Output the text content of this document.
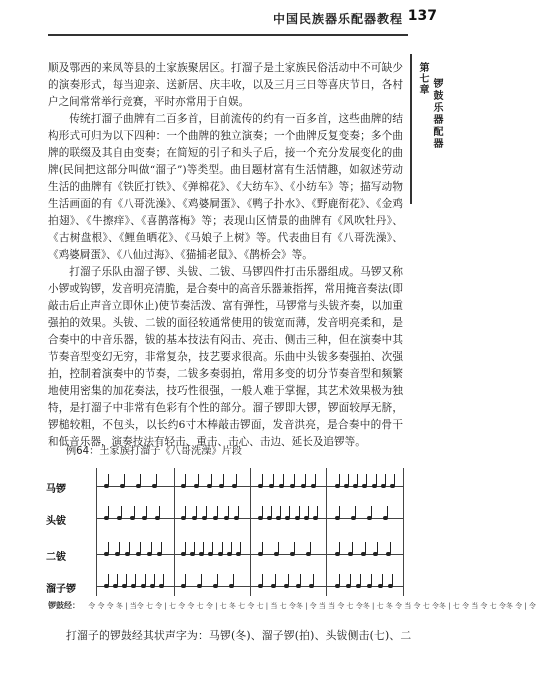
中国民族器乐配器教程 137
第七章 锣鼓乐器配器

顺及鄂西的来凤等县的土家族聚居区。打溜子是土家族民俗活动中不可缺少的演奏形式，每当迎亲、送新居、庆丰收，以及三月三日等喜庆节日，各村户之间常常举行竞赛，平时亦常用于自娱。

传统打溜子曲牌有二百多首，目前流传的约有一百多首，这些曲牌的结构形式可归为以下四种：一个曲牌的独立演奏；一个曲牌反复变奏；多个曲牌的联缀及其自由变奏；在简短的引子和头子后，接一个充分发展变化的曲牌(民间把这部分叫做“溜子”)等类型。曲目题材富有生活情趣，如叙述劳动生活的曲牌有《铁匠打铁》、《弹棉花》、《大纺车》、《小纺车》等；描写动物生活画面的有《八哥洗澡》、《鸡婆屙蛋》、《鸭子扑水》、《野鹿衔花》、《金鸡拍翅》、《牛擦痒》、《喜鹊落梅》等；表现山区情景的曲牌有《风吹牡丹》、《古树盘根》、《鲤鱼晒花》、《马娘子上树》等。代表曲目有《八哥洗澡》、《鸡婆屙蛋》、《八仙过海》、《猫捕老鼠》、《鹊桥会》等。

打溜子乐队由溜子锣、头钹、二钹、马锣四件打击乐器组成。马锣又称小锣或钩锣，发音明亮清脆，是合奏中的高音乐器兼指挥，常用掩音奏法(即敲击后止声音立即休止)使节奏活泼、富有弹性，马锣常与头钹齐奏，以加重强拍的效果。头钹、二钹的面径较通常使用的钹宽而薄，发音明亮柔和，是合奏中的中音乐器，钹的基本技法有闷击、亮击、侧击三种，但在演奏中其节奏音型变幻无穷，非常复杂，技艺要求很高。乐曲中头钹多奏强拍、次强拍，控制着演奏中的节奏，二钹多奏弱拍，常用多变的切分节奏音型和频繁地使用密集的加花奏法，技巧性很强，一般人难于掌握，其艺术效果极为独特，是打溜子中非常有色彩有个性的部分。溜子锣即大锣，锣面较厚无脐，锣槌较粗，不包头，以长约6寸木棒敲击锣面，发音洪亮，是合奏中的骨干和低音乐器，演奏技法有轻击、重击、击心、击边、延长及追锣等。

例64：土家族打溜子《八哥洗澡》片段
马锣
头钹
二钹
溜子锣
锣鼓经： 令 令 令 冬 | 当令 七 令 | 七 令 令 七 令 | 七 冬 七 令 七 | 当 七 令冬 | 令 当 当 令 七 令冬 | 七 冬 令 当 令 七 令冬 | 七 令 当 令 七 令冬 令 | 令
打溜子的锣鼓经其状声字为：马锣(冬)、溜子锣(拍)、头钹侧击(七)、二
